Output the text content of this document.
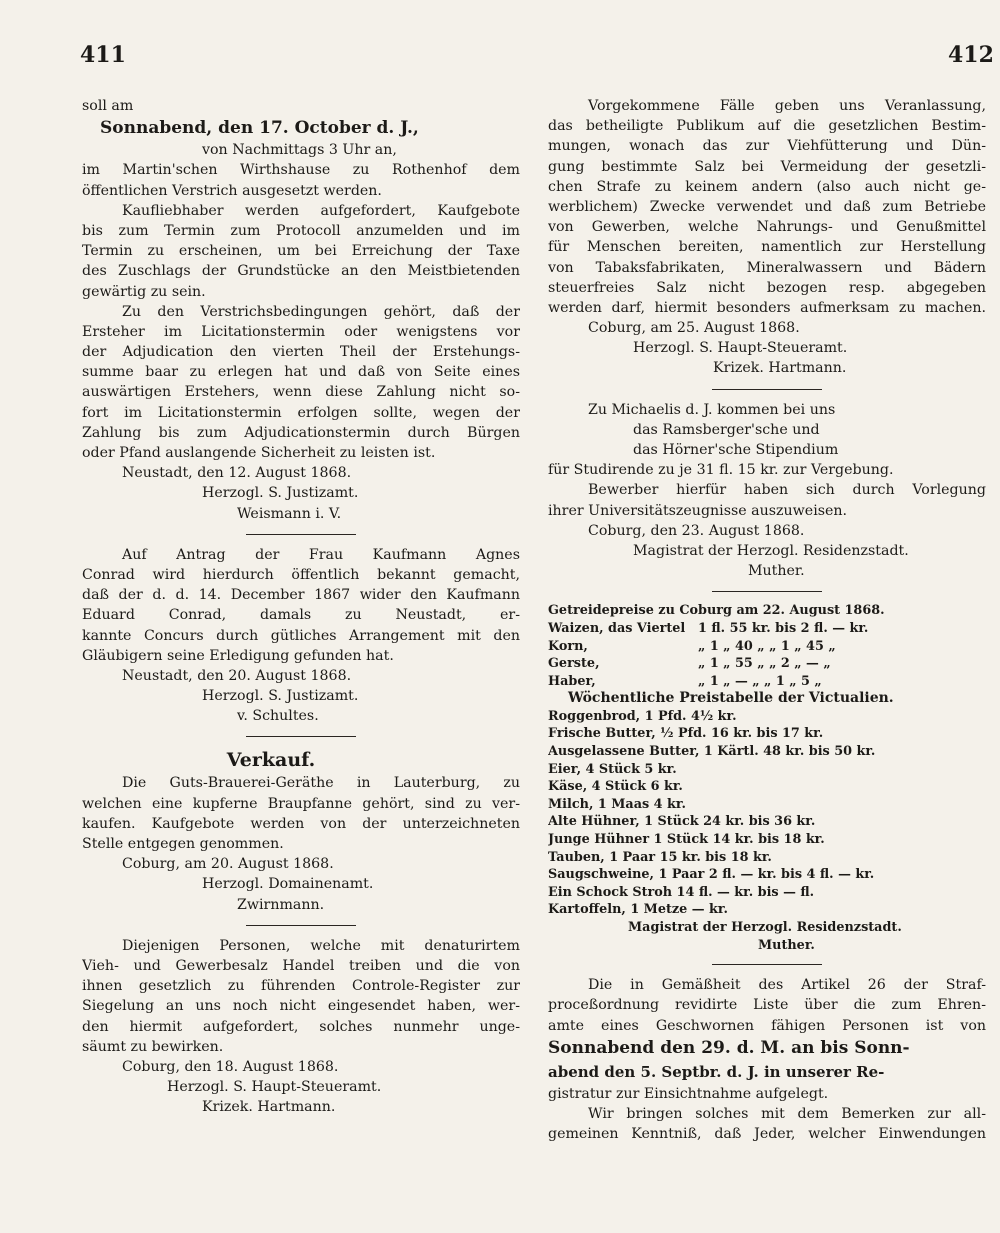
411	412
soll am
Sonnabend, den 17. October d. J.,
von Nachmittags 3 Uhr an,
im Martin'schen Wirthshause zu Rothenhof dem
öffentlichen Verstrich ausgesetzt werden.
Kaufliebhaber werden aufgefordert, Kaufgebote
bis zum Termin zum Protocoll anzumelden und im
Termin zu erscheinen, um bei Erreichung der Taxe
des Zuschlags der Grundstücke an den Meistbietenden
gewärtig zu sein.
Zu den Verstrichsbedingungen gehört, daß der
Ersteher im Licitationstermin oder wenigstens vor
der Adjudication den vierten Theil der Erstehungs-
summe baar zu erlegen hat und daß von Seite eines
auswärtigen Erstehers, wenn diese Zahlung nicht so-
fort im Licitationstermin erfolgen sollte, wegen der
Zahlung bis zum Adjudicationstermin durch Bürgen
oder Pfand auslangende Sicherheit zu leisten ist.
Neustadt, den 12. August 1868.
Herzogl. S. Justizamt.
Weismann i. V.
Auf Antrag der Frau Kaufmann Agnes
Conrad wird hierdurch öffentlich bekannt gemacht,
daß der d. d. 14. December 1867 wider den Kaufmann
Eduard Conrad, damals zu Neustadt, er-
kannte Concurs durch gütliches Arrangement mit den
Gläubigern seine Erledigung gefunden hat.
Neustadt, den 20. August 1868.
Herzogl. S. Justizamt.
v. Schultes.
Verkauf.
Die Guts-Brauerei-Geräthe in Lauterburg, zu
welchen eine kupferne Braupfanne gehört, sind zu ver-
kaufen. Kaufgebote werden von der unterzeichneten
Stelle entgegen genommen.
Coburg, am 20. August 1868.
Herzogl. Domainenamt.
Zwirnmann.
Diejenigen Personen, welche mit denaturirtem
Vieh- und Gewerbesalz Handel treiben und die von
ihnen gesetzlich zu führenden Controle-Register zur
Siegelung an uns noch nicht eingesendet haben, wer-
den hiermit aufgefordert, solches nunmehr unge-
säumt zu bewirken.
Coburg, den 18. August 1868.
Herzogl. S. Haupt-Steueramt.
Krizek. Hartmann.
Vorgekommene Fälle geben uns Veranlassung,
das betheiligte Publikum auf die gesetzlichen Bestim-
mungen, wonach das zur Viehfütterung und Dün-
gung bestimmte Salz bei Vermeidung der gesetzli-
chen Strafe zu keinem andern (also auch nicht ge-
werblichem) Zwecke verwendet und daß zum Betriebe
von Gewerben, welche Nahrungs- und Genußmittel
für Menschen bereiten, namentlich zur Herstellung
von Tabaksfabrikaten, Mineralwassern und Bädern
steuerfreies Salz nicht bezogen resp. abgegeben
werden darf, hiermit besonders aufmerksam zu machen.
Coburg, am 25. August 1868.
Herzogl. S. Haupt-Steueramt.
Krizek. Hartmann.
Zu Michaelis d. J. kommen bei uns
das Ramsberger'sche und
das Hörner'sche Stipendium
für Studirende zu je 31 fl. 15 kr. zur Vergebung.
Bewerber hierfür haben sich durch Vorlegung
ihrer Universitätszeugnisse auszuweisen.
Coburg, den 23. August 1868.
Magistrat der Herzogl. Residenzstadt.
Muther.
Getreidepreise zu Coburg am 22. August 1868.
Waizen, das Viertel 1 fl. 55 kr. bis 2 fl. — kr.
Korn,	„ 1 „ 40 „ „ 1 „ 45 „
Gerste,	„ 1 „ 55 „ „ 2 „ — „
Haber,	„ 1 „ — „ „ 1 „ 5 „
Wöchentliche Preistabelle der Victualien.
Roggenbrod, 1 Pfd. 4½ kr.
Frische Butter, ½ Pfd. 16 kr. bis 17 kr.
Ausgelassene Butter, 1 Kärtl. 48 kr. bis 50 kr.
Eier, 4 Stück 5 kr.
Käse, 4 Stück 6 kr.
Milch, 1 Maas 4 kr.
Alte Hühner, 1 Stück 24 kr. bis 36 kr.
Junge Hühner 1 Stück 14 kr. bis 18 kr.
Tauben, 1 Paar 15 kr. bis 18 kr.
Saugschweine, 1 Paar 2 fl. — kr. bis 4 fl. — kr.
Ein Schock Stroh 14 fl. — kr. bis — fl.
Kartoffeln, 1 Metze — kr.
Magistrat der Herzogl. Residenzstadt.
Muther.
Die in Gemäßheit des Artikel 26 der Straf-
proceßordnung revidirte Liste über die zum Ehren-
amte eines Geschwornen fähigen Personen ist von
Sonnabend den 29. d. M. an bis Sonn-
abend den 5. Septbr. d. J. in unserer Re-
gistratur zur Einsichtnahme aufgelegt.
Wir bringen solches mit dem Bemerken zur all-
gemeinen Kenntniß, daß Jeder, welcher Einwendungen
